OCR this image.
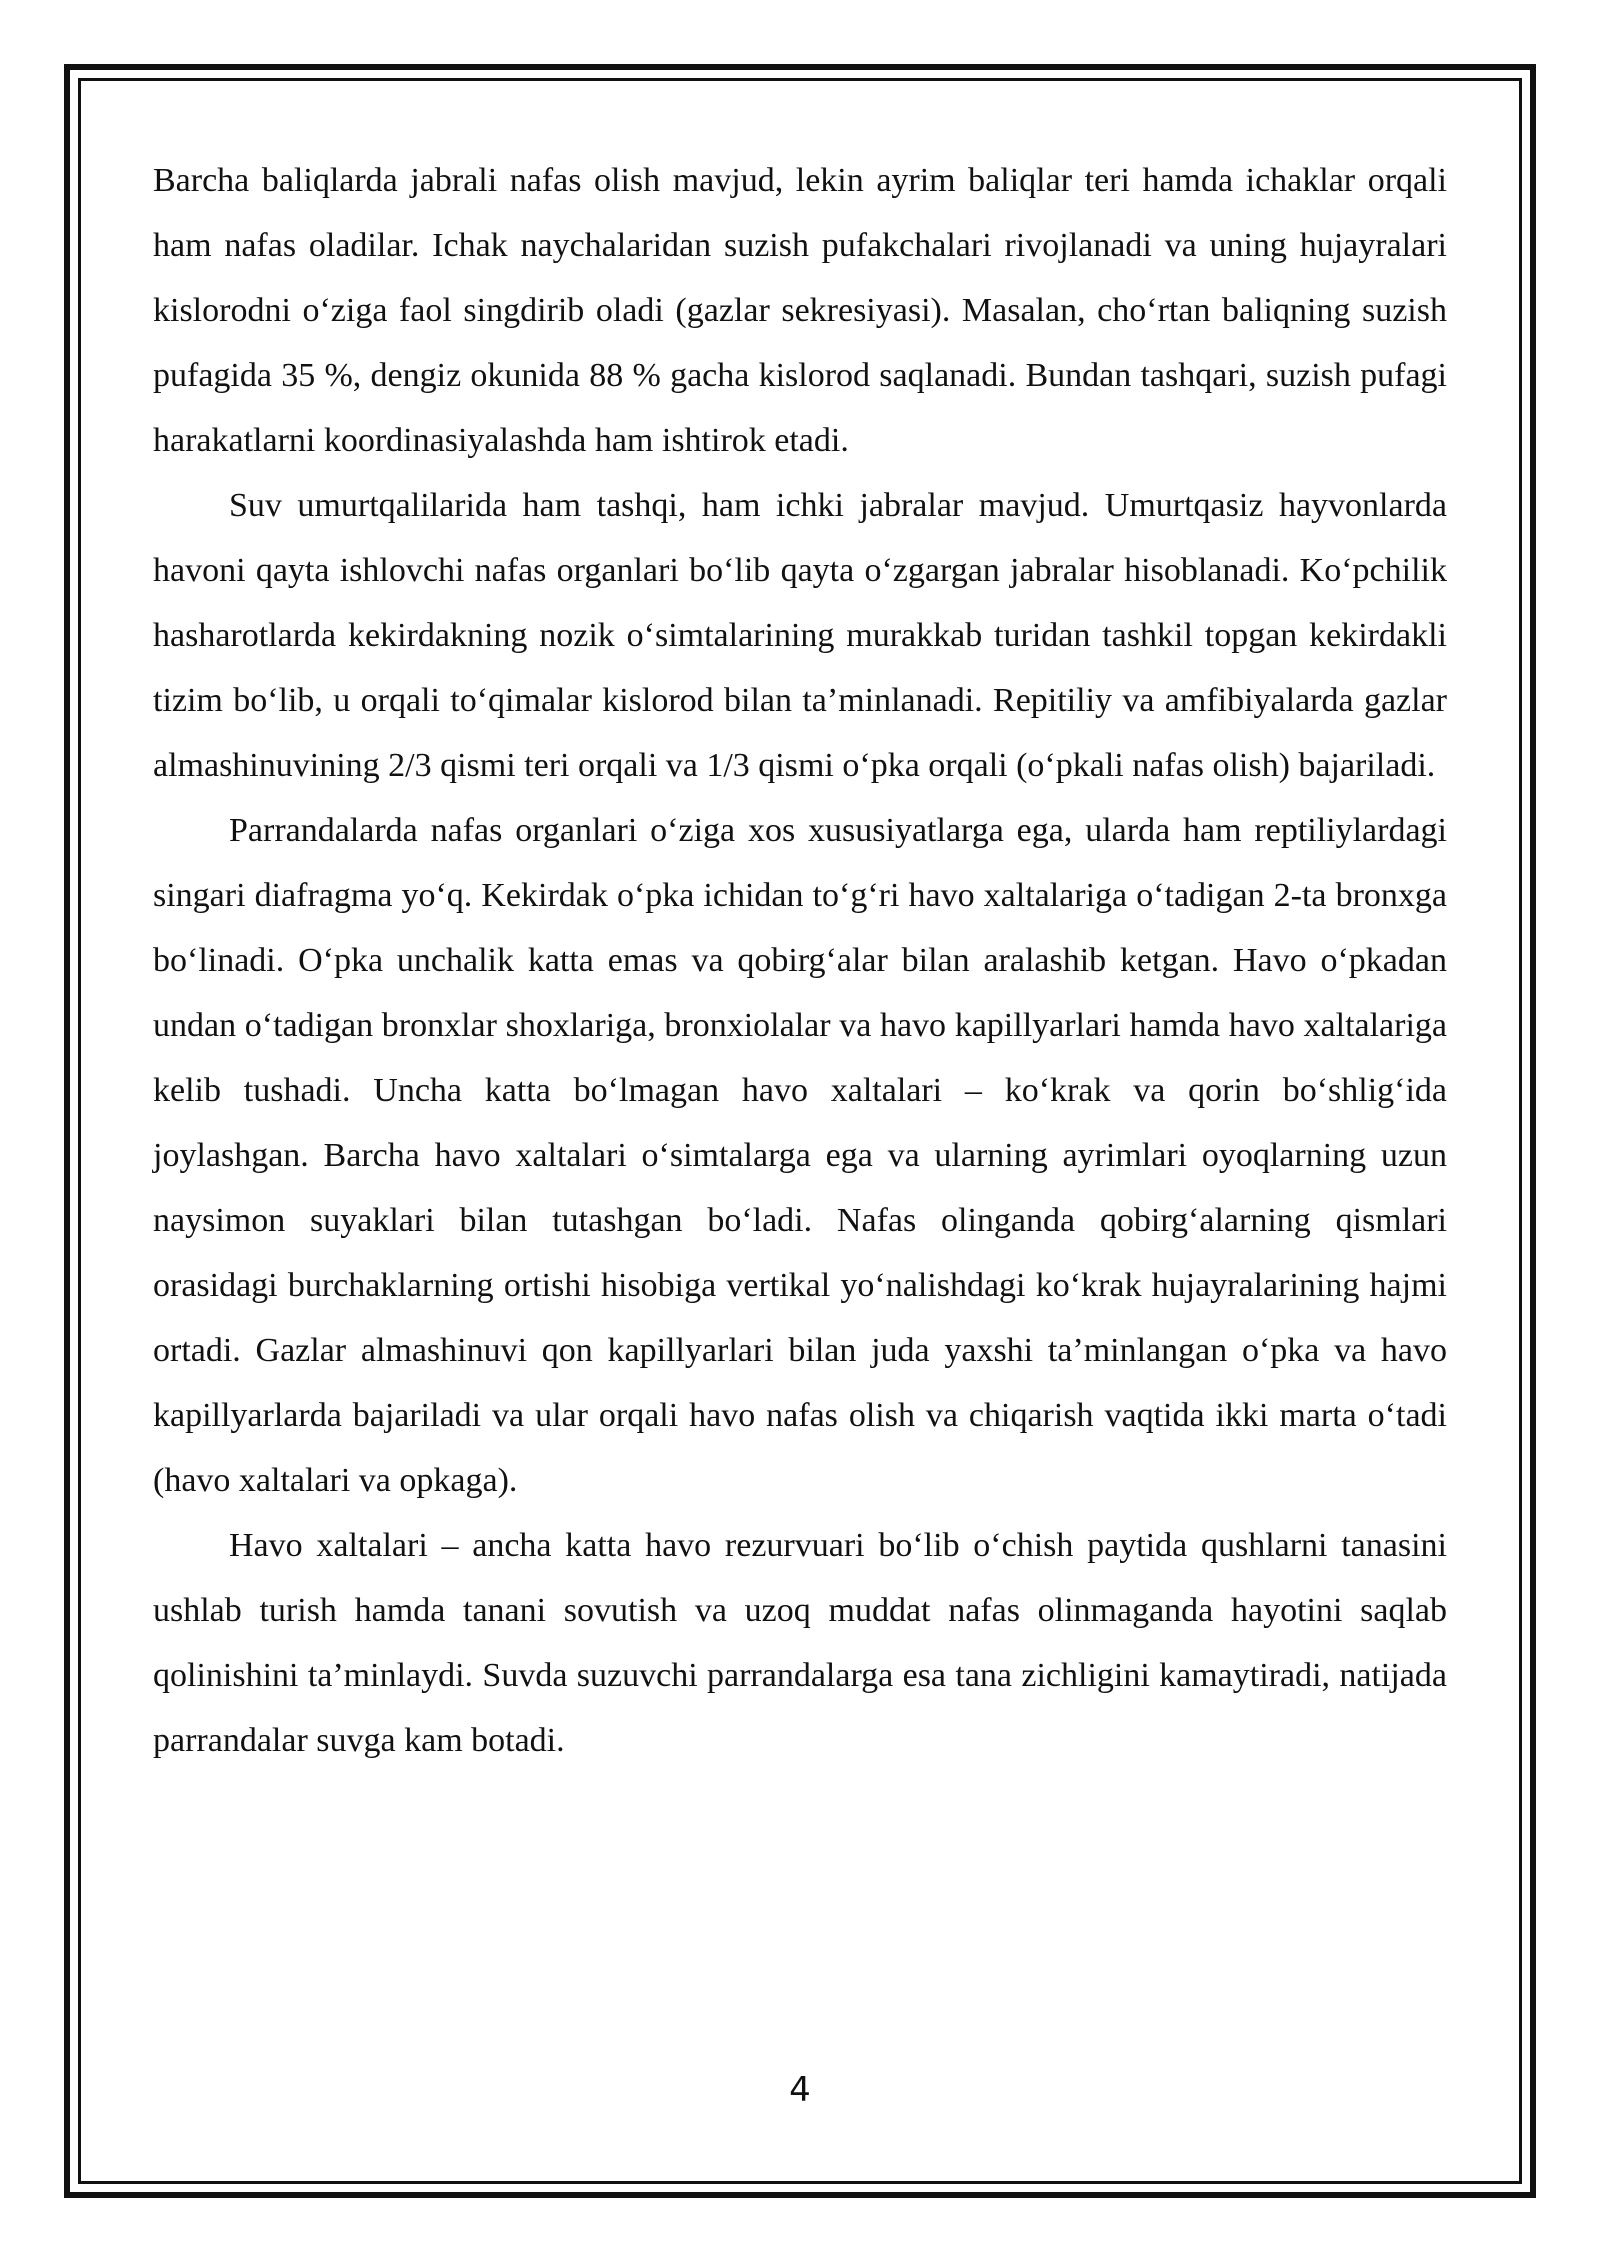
Barcha baliqlarda jabrali nafas olish mavjud, lekin ayrim baliqlar teri hamda ichaklar orqali ham nafas oladilar. Ichak naychalaridan suzish pufakchalari rivojlanadi va uning hujayralari kislorodni o‘ziga faol singdirib oladi (gazlar sekresiyasi). Masalan, cho‘rtan baliqning suzish pufagida 35 %, dengiz okunida 88 % gacha kislorod saqlanadi. Bundan tashqari, suzish pufagi harakatlarni koordinasiyalashda ham ishtirok etadi.

Suv umurtqalilarida ham tashqi, ham ichki jabralar mavjud. Umurtqasiz hayvonlarda havoni qayta ishlovchi nafas organlari bo‘lib qayta o‘zgargan jabralar hisoblanadi. Ko‘pchilik hasharotlarda kekirdakning nozik o‘simtalarining murakkab turidan tashkil topgan kekirdakli tizim bo‘lib, u orqali to‘qimalar kislorod bilan ta’minlanadi. Repitiliy va amfibiyalarda gazlar almashinuvining 2/3 qismi teri orqali va 1/3 qismi o‘pka orqali (o‘pkali nafas olish) bajariladi.

Parrandalarda nafas organlari o‘ziga xos xususiyatlarga ega, ularda ham reptiliylardagi singari diafragma yo‘q. Kekirdak o‘pka ichidan to‘g‘ri havo xaltalariga o‘tadigan 2-ta bronxga bo‘linadi. O‘pka unchalik katta emas va qobirg‘alar bilan aralashib ketgan. Havo o‘pkadan undan o‘tadigan bronxlar shoxlariga, bronxiolalar va havo kapillyarlari hamda havo xaltalariga kelib tushadi. Uncha katta bo‘lmagan havo xaltalari – ko‘krak va qorin bo‘shlig‘ida joylashgan. Barcha havo xaltalari o‘simtalarga ega va ularning ayrimlari oyoqlarning uzun naysimon suyaklari bilan tutashgan bo‘ladi. Nafas olinganda qobirg‘alarning qismlari orasidagi burchaklarning ortishi hisobiga vertikal yo‘nalishdagi ko‘krak hujayralarining hajmi ortadi. Gazlar almashinuvi qon kapillyarlari bilan juda yaxshi ta’minlangan o‘pka va havo kapillyarlarda bajariladi va ular orqali havo nafas olish va chiqarish vaqtida ikki marta o‘tadi (havo xaltalari va opkaga).

Havo xaltalari – ancha katta havo rezurvuari bo‘lib o‘chish paytida qushlarni tanasini ushlab turish hamda tanani sovutish va uzoq muddat nafas olinmaganda hayotini saqlab qolinishini ta’minlaydi. Suvda suzuvchi parrandalarga esa tana zichligini kamaytiradi, natijada parrandalar suvga kam botadi.

4
